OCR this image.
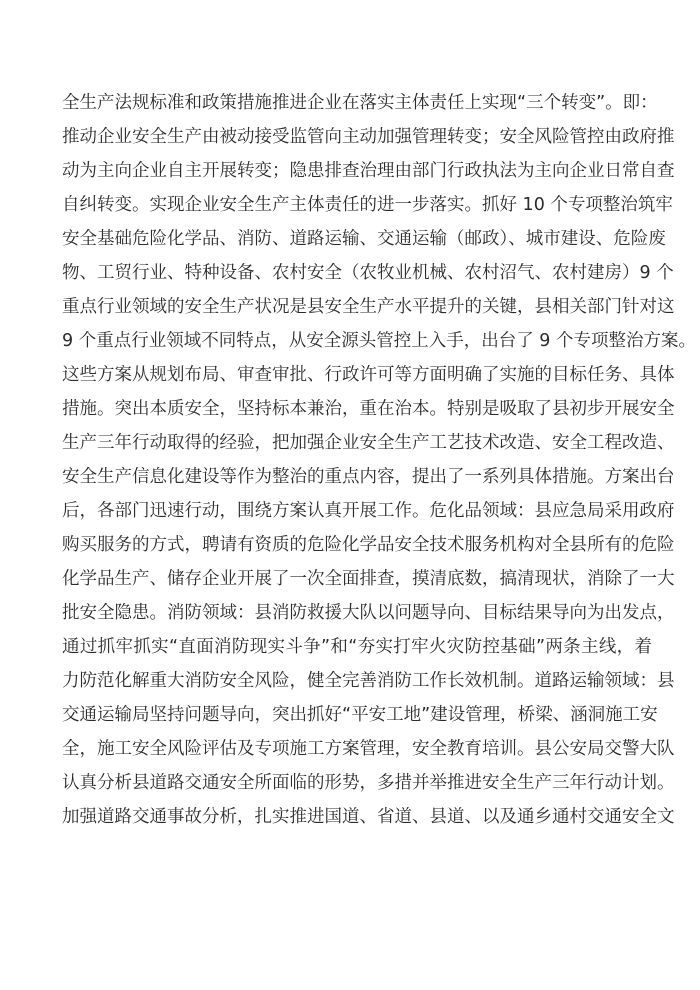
全生产法规标准和政策措施推进企业在落实主体责任上实现“三个转变”。即：
推动企业安全生产由被动接受监管向主动加强管理转变；安全风险管控由政府推
动为主向企业自主开展转变；隐患排查治理由部门行政执法为主向企业日常自查
自纠转变。实现企业安全生产主体责任的进一步落实。抓好 10 个专项整治筑牢
安全基础危险化学品、消防、道路运输、交通运输（邮政）、城市建设、危险废
物、工贸行业、特种设备、农村安全（农牧业机械、农村沼气、农村建房）9 个
重点行业领域的安全生产状况是县安全生产水平提升的关键，县相关部门针对这
9 个重点行业领域不同特点，从安全源头管控上入手，出台了 9 个专项整治方案。
这些方案从规划布局、审查审批、行政许可等方面明确了实施的目标任务、具体
措施。突出本质安全，坚持标本兼治，重在治本。特别是吸取了县初步开展安全
生产三年行动取得的经验，把加强企业安全生产工艺技术改造、安全工程改造、
安全生产信息化建设等作为整治的重点内容，提出了一系列具体措施。方案出台
后，各部门迅速行动，围绕方案认真开展工作。危化品领域：县应急局采用政府
购买服务的方式，聘请有资质的危险化学品安全技术服务机构对全县所有的危险
化学品生产、储存企业开展了一次全面排查，摸清底数，搞清现状，消除了一大
批安全隐患。消防领域：县消防救援大队以问题导向、目标结果导向为出发点，
通过抓牢抓实“直面消防现实斗争”和“夯实打牢火灾防控基础”两条主线，着
力防范化解重大消防安全风险，健全完善消防工作长效机制。道路运输领域：县
交通运输局坚持问题导向，突出抓好“平安工地”建设管理，桥梁、涵洞施工安
全，施工安全风险评估及专项施工方案管理，安全教育培训。县公安局交警大队
认真分析县道路交通安全所面临的形势，多措并举推进安全生产三年行动计划。
加强道路交通事故分析，扎实推进国道、省道、县道、以及通乡通村交通安全文
